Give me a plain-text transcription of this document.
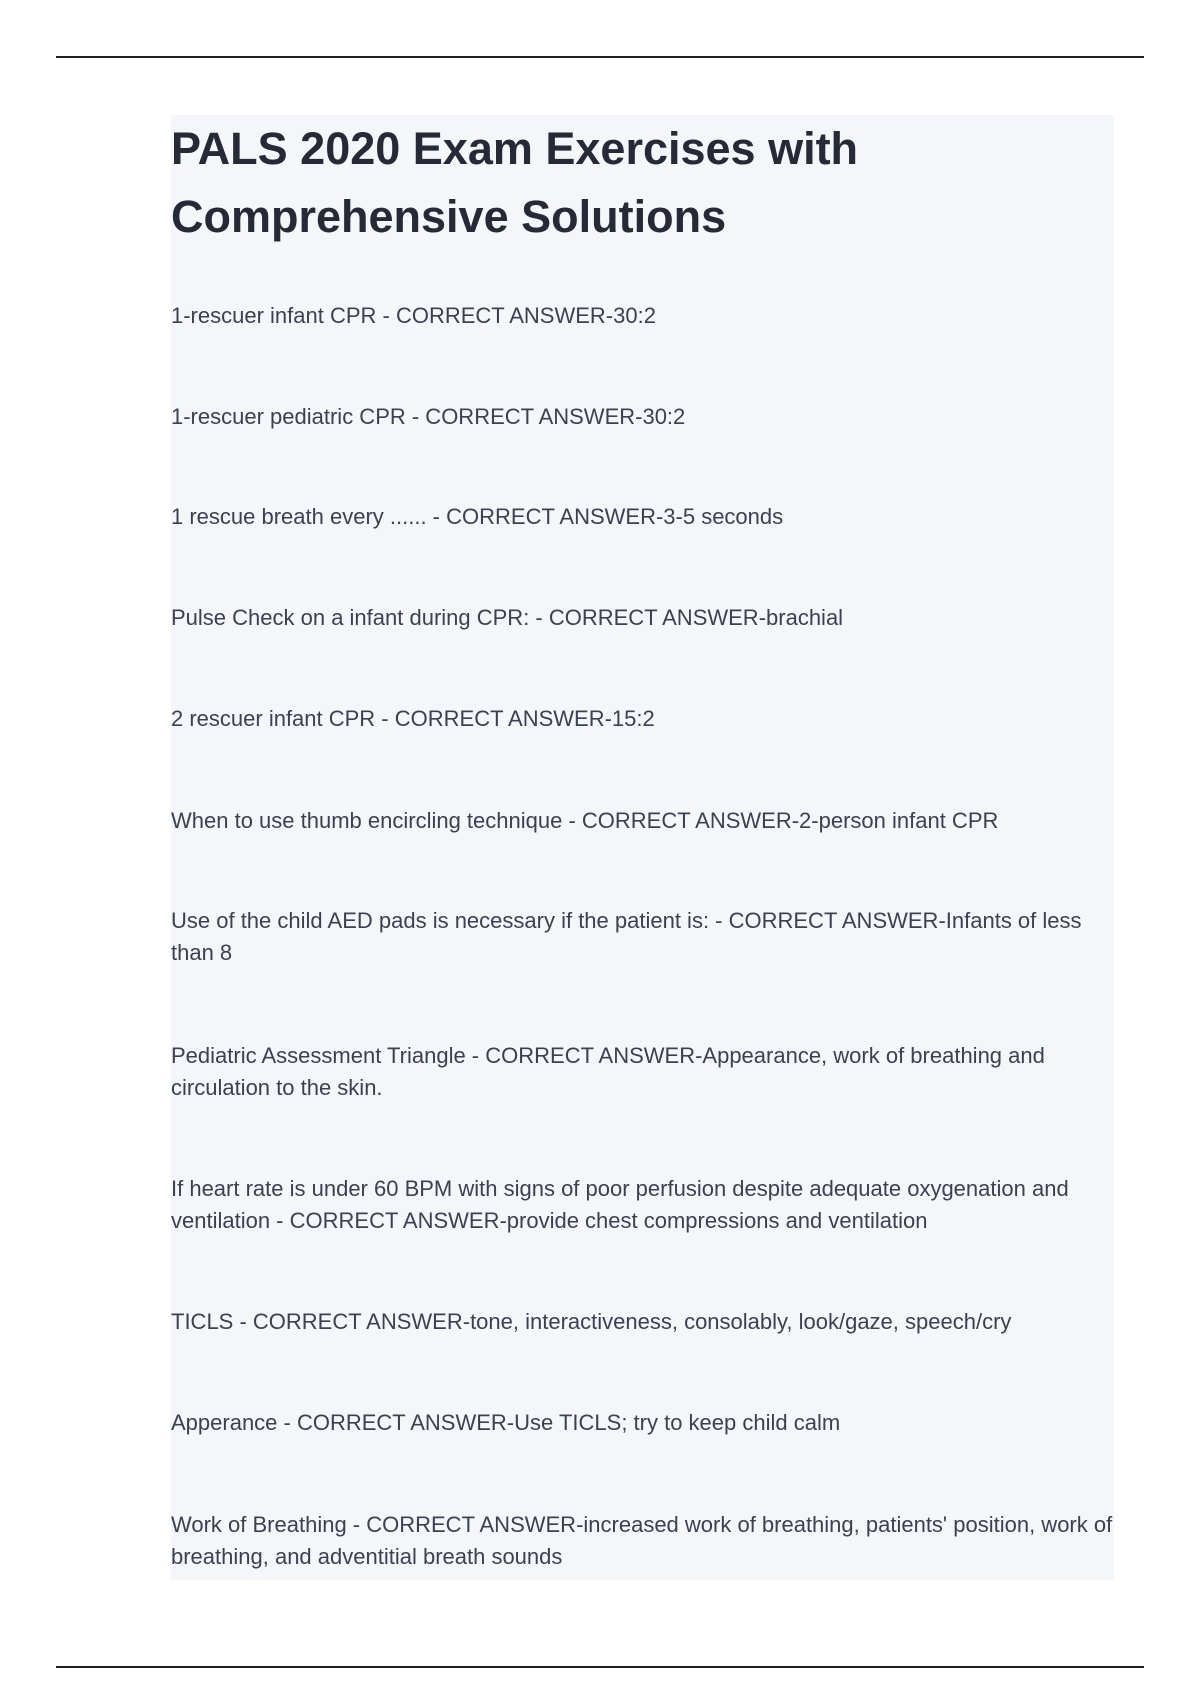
PALS 2020 Exam Exercises with Comprehensive Solutions

1-rescuer infant CPR - CORRECT ANSWER-30:2

1-rescuer pediatric CPR - CORRECT ANSWER-30:2

1 rescue breath every ...... - CORRECT ANSWER-3-5 seconds

Pulse Check on a infant during CPR: - CORRECT ANSWER-brachial

2 rescuer infant CPR - CORRECT ANSWER-15:2

When to use thumb encircling technique - CORRECT ANSWER-2-person infant CPR

Use of the child AED pads is necessary if the patient is: - CORRECT ANSWER-Infants of less than 8

Pediatric Assessment Triangle - CORRECT ANSWER-Appearance, work of breathing and circulation to the skin.

If heart rate is under 60 BPM with signs of poor perfusion despite adequate oxygenation and ventilation - CORRECT ANSWER-provide chest compressions and ventilation

TICLS - CORRECT ANSWER-tone, interactiveness, consolably, look/gaze, speech/cry

Apperance - CORRECT ANSWER-Use TICLS; try to keep child calm

Work of Breathing - CORRECT ANSWER-increased work of breathing, patients' position, work of breathing, and adventitial breath sounds
